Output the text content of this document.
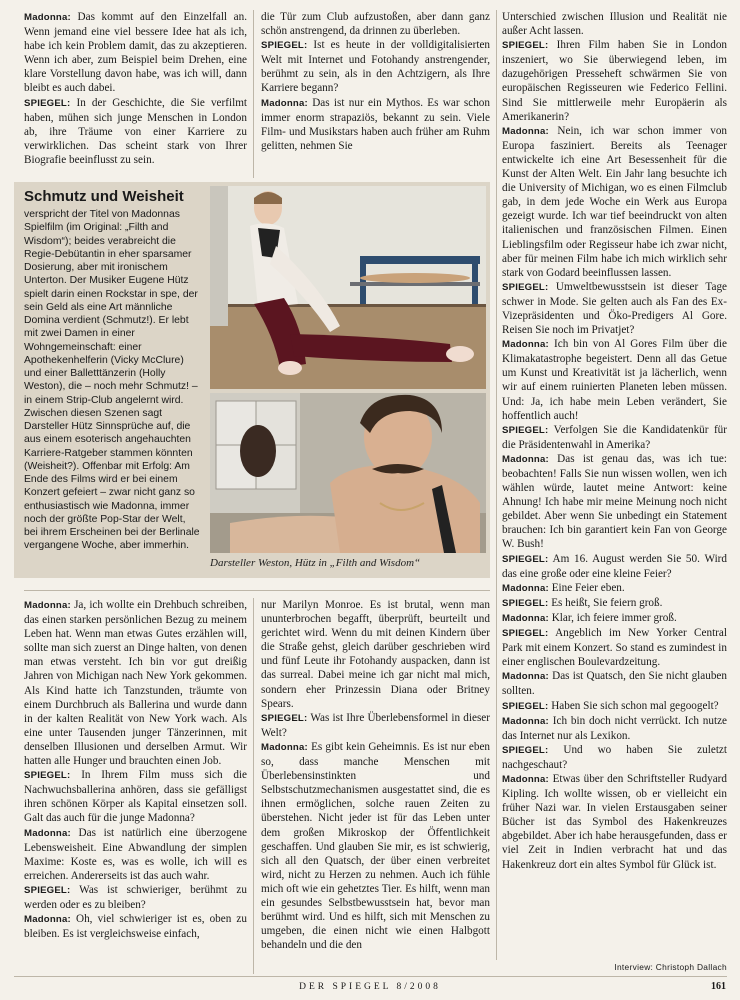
Madonna: Das kommt auf den Einzelfall an. Wenn jemand eine viel bessere Idee hat als ich, habe ich kein Problem damit, das zu akzeptieren. Wenn ich aber, zum Beispiel beim Drehen, eine klare Vorstellung davon habe, was ich will, dann bleibt es auch dabei.

SPIEGEL: In der Geschichte, die Sie verfilmt haben, mühen sich junge Menschen in London ab, ihre Träume von einer Karriere zu verwirklichen. Das scheint stark von Ihrer Biografie beeinflusst zu sein.

die Tür zum Club aufzustoßen, aber dann ganz schön anstrengend, da drinnen zu überleben.

SPIEGEL: Ist es heute in der volldigitalisierten Welt mit Internet und Fotohandy anstrengender, berühmt zu sein, als in den Achtzigern, als Ihre Karriere begann?

Madonna: Das ist nur ein Mythos. Es war schon immer enorm strapaziös, bekannt zu sein. Viele Film- und Musikstars haben auch früher am Ruhm gelitten, nehmen Sie

Schmutz und Weisheit
verspricht der Titel von Madonnas Spielfilm (im Original: „Filth and Wisdom“); beides verabreicht die Regie-Debütantin in eher sparsamer Dosierung, aber mit ironischem Unterton. Der Musiker Eugene Hütz spielt darin einen Rockstar in spe, der sein Geld als eine Art männliche Domina verdient (Schmutz!). Er lebt mit zwei Damen in einer Wohngemeinschaft: einer Apothekenhelferin (Vicky McClure) und einer Balletttänzerin (Holly Weston), die – noch mehr Schmutz! – in einem Strip-Club angelernt wird. Zwischen diesen Szenen sagt Darsteller Hütz Sinnsprüche auf, die aus einem esoterisch angehauchten Karriere-Ratgeber stammen könnten (Weisheit?). Offenbar mit Erfolg: Am Ende des Films wird er bei einem Konzert gefeiert – zwar nicht ganz so enthusiastisch wie Madonna, immer noch der größte Pop-Star der Welt, bei ihrem Erscheinen bei der Berlinale vergangene Woche, aber immerhin.
Darsteller Weston, Hütz in „Filth and Wisdom“

Unterschied zwischen Illusion und Realität nie außer Acht lassen.

SPIEGEL: Ihren Film haben Sie in London inszeniert, wo Sie überwiegend leben, im dazugehörigen Presseheft schwärmen Sie von europäischen Regisseuren wie Federico Fellini. Sind Sie mittlerweile mehr Europäerin als Amerikanerin?

Madonna: Nein, ich war schon immer von Europa fasziniert. Bereits als Teenager entwickelte ich eine Art Besessenheit für die Kunst der Alten Welt. Ein Jahr lang besuchte ich die University of Michigan, wo es einen Filmclub gab, in dem jede Woche ein Werk aus Europa gezeigt wurde. Ich war tief beeindruckt von alten italienischen und französischen Filmen. Einen Lieblingsfilm oder Regisseur habe ich zwar nicht, aber für meinen Film habe ich mich wirklich sehr stark von Godard beeinflussen lassen.

SPIEGEL: Umweltbewusstsein ist dieser Tage schwer in Mode. Sie gelten auch als Fan des Ex-Vizepräsidenten und Öko-Predigers Al Gore. Reisen Sie noch im Privatjet?

Madonna: Ich bin von Al Gores Film über die Klimakatastrophe begeistert. Denn all das Getue um Kunst und Kreativität ist ja lächerlich, wenn wir auf einem ruinierten Planeten leben müssen. Und: Ja, ich habe mein Leben verändert, Sie hoffentlich auch!

SPIEGEL: Verfolgen Sie die Kandidatenkür für die Präsidentenwahl in Amerika?

Madonna: Das ist genau das, was ich tue: beobachten! Falls Sie nun wissen wollen, wen ich wählen würde, lautet meine Antwort: keine Ahnung! Ich habe mir meine Meinung noch nicht gebildet. Aber wenn Sie unbedingt ein Statement brauchen: Ich bin garantiert kein Fan von George W. Bush!

SPIEGEL: Am 16. August werden Sie 50. Wird das eine große oder eine kleine Feier?

Madonna: Eine Feier eben.

SPIEGEL: Es heißt, Sie feiern groß.

Madonna: Klar, ich feiere immer groß.

SPIEGEL: Angeblich im New Yorker Central Park mit einem Konzert. So stand es zumindest in einer englischen Boulevardzeitung.

Madonna: Das ist Quatsch, den Sie nicht glauben sollten.

SPIEGEL: Haben Sie sich schon mal gegoogelt?

Madonna: Ich bin doch nicht verrückt. Ich nutze das Internet nur als Lexikon.

SPIEGEL: Und wo haben Sie zuletzt nachgeschaut?

Madonna: Etwas über den Schriftsteller Rudyard Kipling. Ich wollte wissen, ob er vielleicht ein früher Nazi war. In vielen Erstausgaben seiner Bücher ist das Symbol des Hakenkreuzes abgebildet. Aber ich habe herausgefunden, dass er viel Zeit in Indien verbracht hat und das Hakenkreuz dort ein altes Symbol für Glück ist.

Interview: Christoph Dallach

Madonna: Ja, ich wollte ein Drehbuch schreiben, das einen starken persönlichen Bezug zu meinem Leben hat. Wenn man etwas Gutes erzählen will, sollte man sich zuerst an Dinge halten, von denen man etwas versteht. Ich bin vor gut dreißig Jahren von Michigan nach New York gekommen. Als Kind hatte ich Tanzstunden, träumte von einem Durchbruch als Ballerina und wurde dann in der kalten Realität von New York wach. Als eine unter Tausenden junger Tänzerinnen, mit denselben Illusionen und derselben Armut. Wir hatten alle Hunger und brauchten einen Job.

SPIEGEL: In Ihrem Film muss sich die Nachwuchsballerina anhören, dass sie gefälligst ihren schönen Körper als Kapital einsetzen soll. Galt das auch für die junge Madonna?

Madonna: Das ist natürlich eine überzogene Lebensweisheit. Eine Abwandlung der simplen Maxime: Koste es, was es wolle, ich will es erreichen. Andererseits ist das auch wahr.

SPIEGEL: Was ist schwieriger, berühmt zu werden oder es zu bleiben?

Madonna: Oh, viel schwieriger ist es, oben zu bleiben. Es ist vergleichsweise einfach,

nur Marilyn Monroe. Es ist brutal, wenn man ununterbrochen begafft, überprüft, beurteilt und gerichtet wird. Wenn du mit deinen Kindern über die Straße gehst, gleich darüber geschrieben wird und fünf Leute ihr Fotohandy auspacken, dann ist das surreal. Dabei meine ich gar nicht mal mich, sondern eher Prinzessin Diana oder Britney Spears.

SPIEGEL: Was ist Ihre Überlebensformel in dieser Welt?

Madonna: Es gibt kein Geheimnis. Es ist nur eben so, dass manche Menschen mit Überlebensinstinkten und Selbstschutzmechanismen ausgestattet sind, die es ihnen ermöglichen, solche rauen Zeiten zu überstehen. Nicht jeder ist für das Leben unter dem großen Mikroskop der Öffentlichkeit geschaffen. Und glauben Sie mir, es ist schwierig, sich all den Quatsch, der über einen verbreitet wird, nicht zu Herzen zu nehmen. Auch ich fühle mich oft wie ein gehetztes Tier. Es hilft, wenn man ein gesundes Selbstbewusstsein hat, bevor man berühmt wird. Und es hilft, sich mit Menschen zu umgeben, die einen nicht wie einen Halbgott behandeln und die den

DER SPIEGEL 8/2008	161
